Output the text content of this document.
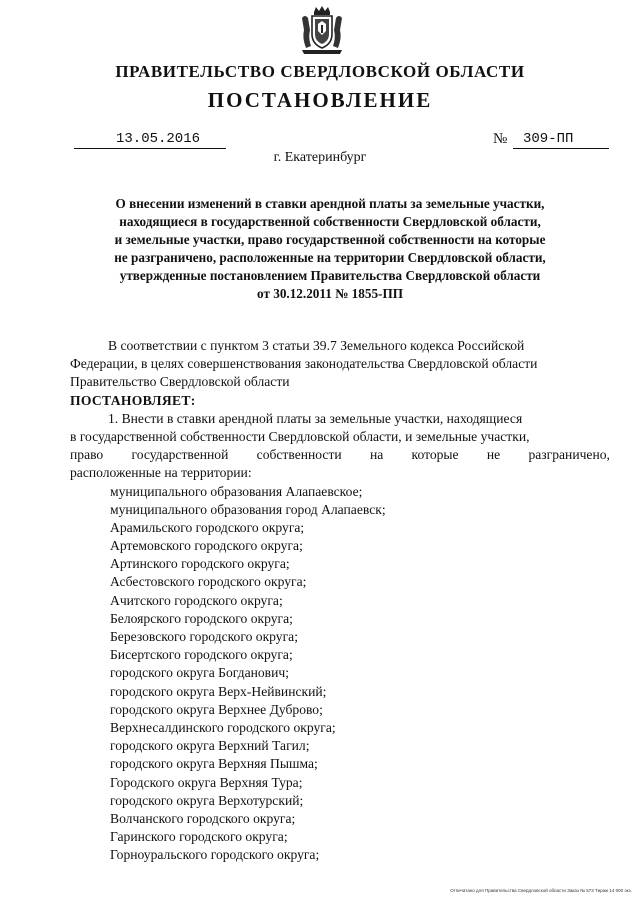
ПРАВИТЕЛЬСТВО СВЕРДЛОВСКОЙ ОБЛАСТИ
ПОСТАНОВЛЕНИЕ
13.05.2016	№ 309-ПП
г. Екатеринбург
О внесении изменений в ставки арендной платы за земельные участки,
находящиеся в государственной собственности Свердловской области,
и земельные участки, право государственной собственности на которые
не разграничено, расположенные на территории Свердловской области,
утвержденные постановлением Правительства Свердловской области
от 30.12.2011 № 1855-ПП
В соответствии с пунктом 3 статьи 39.7 Земельного кодекса Российской
Федерации, в целях совершенствования законодательства Свердловской области
Правительство Свердловской области
ПОСТАНОВЛЯЕТ:
1. Внести в ставки арендной платы за земельные участки, находящиеся
в государственной собственности Свердловской области, и земельные участки,
право государственной собственности на которые не разграничено,
расположенные на территории:
муниципального образования Алапаевское;
муниципального образования город Алапаевск;
Арамильского городского округа;
Артемовского городского округа;
Артинского городского округа;
Асбестовского городского округа;
Ачитского городского округа;
Белоярского городского округа;
Березовского городского округа;
Бисертского городского округа;
городского округа Богданович;
городского округа Верх-Нейвинский;
городского округа Верхнее Дуброво;
Верхнесалдинского городского округа;
городского округа Верхний Тагил;
городского округа Верхняя Пышма;
Городского округа Верхняя Тура;
городского округа Верхотурский;
Волчанского городского округа;
Гаринского городского округа;
Горноуральского городского округа;
Отпечатано для Правительства Свердловской области Заказ № 573 Тираж 14 000 экз.
